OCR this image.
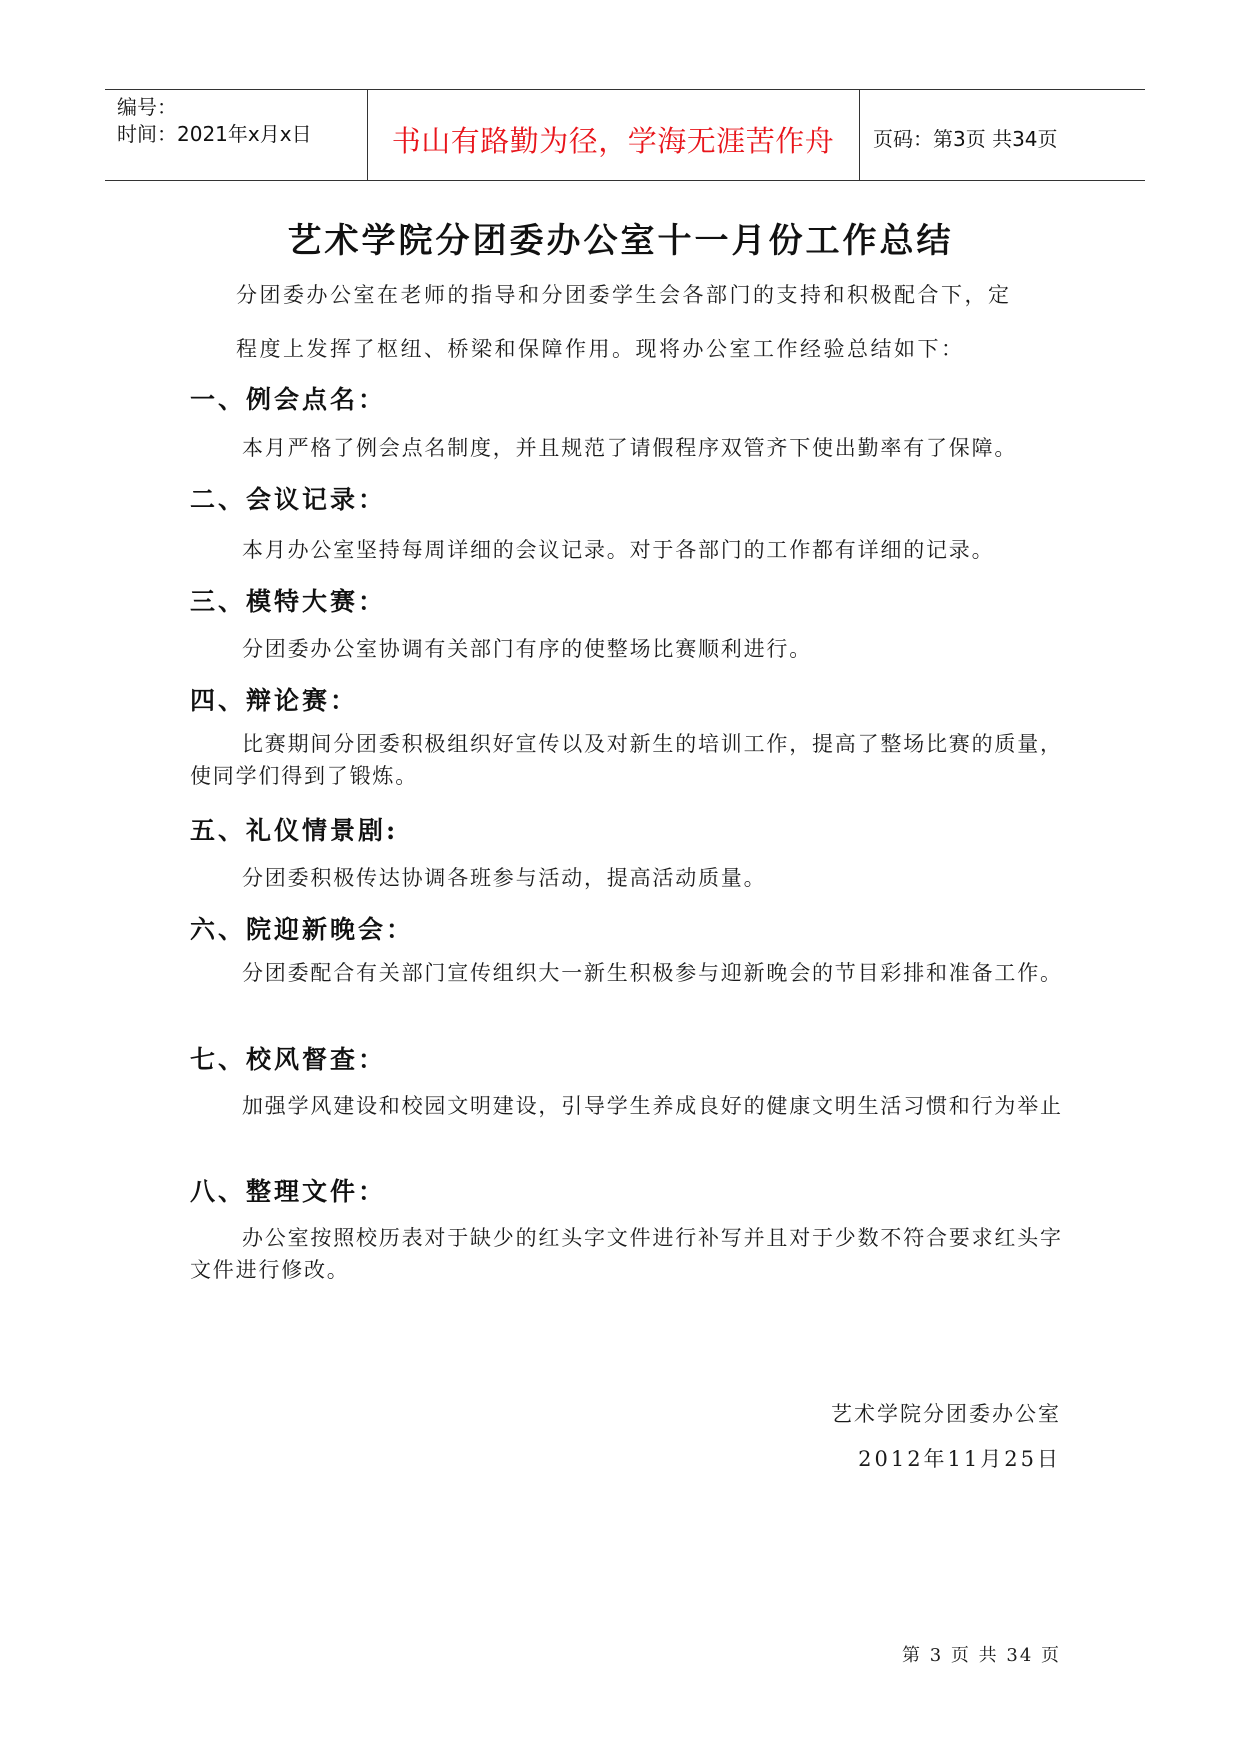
编号：
时间：2021年x月x日	书山有路勤为径，学海无涯苦作舟	页码：第3页 共34页
艺术学院分团委办公室十一月份工作总结
分团委办公室在老师的指导和分团委学生会各部门的支持和积极配合下，定
程度上发挥了枢纽、桥梁和保障作用。现将办公室工作经验总结如下：
一、例会点名：
本月严格了例会点名制度，并且规范了请假程序双管齐下使出勤率有了保障。
二、会议记录：
本月办公室坚持每周详细的会议记录。对于各部门的工作都有详细的记录。
三、模特大赛：
分团委办公室协调有关部门有序的使整场比赛顺利进行。
四、辩论赛：
比赛期间分团委积极组织好宣传以及对新生的培训工作，提高了整场比赛的质量，使同学们得到了锻炼。
五、礼仪情景剧:
分团委积极传达协调各班参与活动，提高活动质量。
六、院迎新晚会：
分团委配合有关部门宣传组织大一新生积极参与迎新晚会的节目彩排和准备工作。
七、校风督查：
加强学风建设和校园文明建设，引导学生养成良好的健康文明生活习惯和行为举止
八、整理文件：
办公室按照校历表对于缺少的红头字文件进行补写并且对于少数不符合要求红头字文件进行修改。
艺术学院分团委办公室
2012年11月25日
第 3 页 共 34 页
